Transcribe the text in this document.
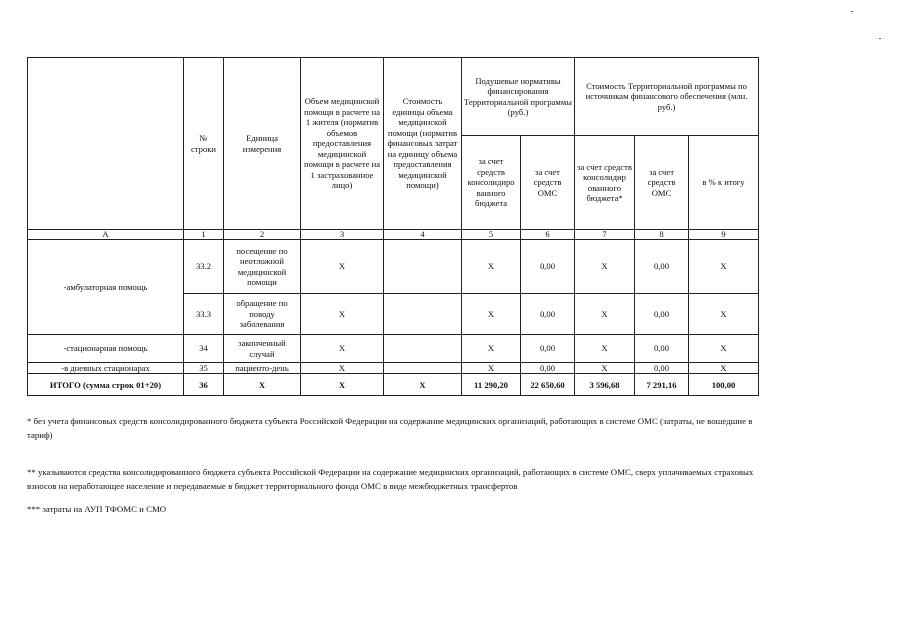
	№ строки	Единица измерения	Объем медицинской помощи в расчете на 1 жителя (норматив объемов предоставления медицинской помощи в расчете на 1 застрахованное лицо)	Стоимость единицы объема медицинской помощи (норматив финансовых затрат на единицу объема предоставления медицинской помощи)	Подушевые нормативы финансирования Территориальной программы (руб.)		Стоимость Территориальной программы по источникам финансового обеспечения (млн. руб.)		
					за счет средств консолидиро ванного бюджета	за счет средств ОМС	за счет средств консолидир ованного бюджета*	за счет средств ОМС	в % к итогу
А	1	2	3	4	5	6	7	8	9
-амбулаторная помощь	33.2	посещение по неотложной медицинской помощи	Х		Х	0,00	Х	0,00	Х
	33.3	обращение по поводу заболевания	Х		Х	0,00	Х	0,00	Х
-стационарная помощь	34	законченный случай	Х		Х	0,00	Х	0,00	Х
-в дневных стационарах	35	пациенто-день	Х		Х	0,00	Х	0,00	Х
ИТОГО (сумма строк 01+20)	36	Х	Х	Х	11 290,20	22 650,60	3 596,68	7 291,16	100,00
* без учета финансовых средств консолидированного бюджета субъекта Российской Федерации на содержание медицинских организаций, работающих в системе ОМС (затраты, не вошедшие в тариф)
** указываются средства консолидированного бюджета субъекта Российской Федерации на содержание медицинских организаций, работающих в системе ОМС, сверх уплачиваемых страховых взносов на неработающее население и передаваемые в бюджет территориального фонда ОМС в виде межбюджетных трансфертов
*** затраты на АУП ТФОМС и СМО
